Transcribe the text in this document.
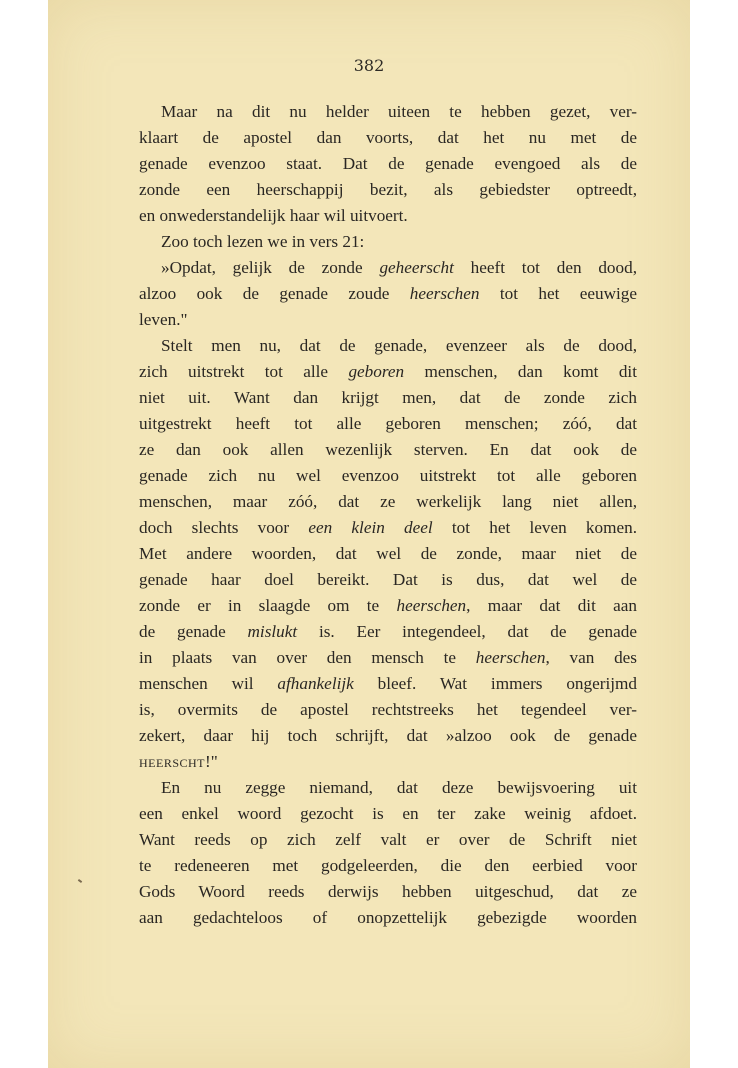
382
Maar na dit nu helder uiteen te hebben gezet, ver-
klaart de apostel dan voorts, dat het nu met de
genade evenzoo staat. Dat de genade evengoed als de
zonde een heerschappij bezit, als gebiedster optreedt,
en onwederstandelijk haar wil uitvoert.
Zoo toch lezen we in vers 21:
»Opdat, gelijk de zonde geheerscht heeft tot den dood,
alzoo ook de genade zoude heerschen tot het eeuwige
leven."
Stelt men nu, dat de genade, evenzeer als de dood,
zich uitstrekt tot alle geboren menschen, dan komt dit
niet uit. Want dan krijgt men, dat de zonde zich
uitgestrekt heeft tot alle geboren menschen; zóó, dat
ze dan ook allen wezenlijk sterven. En dat ook de
genade zich nu wel evenzoo uitstrekt tot alle geboren
menschen, maar zóó, dat ze werkelijk lang niet allen,
doch slechts voor een klein deel tot het leven komen.
Met andere woorden, dat wel de zonde, maar niet de
genade haar doel bereikt. Dat is dus, dat wel de
zonde er in slaagde om te heerschen, maar dat dit aan
de genade mislukt is. Eer integendeel, dat de genade
in plaats van over den mensch te heerschen, van des
menschen wil afhankelijk bleef. Wat immers ongerijmd
is, overmits de apostel rechtstreeks het tegendeel ver-
zekert, daar hij toch schrijft, dat »alzoo ook de genade
heerscht!"
En nu zegge niemand, dat deze bewijsvoering uit
een enkel woord gezocht is en ter zake weinig afdoet.
Want reeds op zich zelf valt er over de Schrift niet
te redeneeren met godgeleerden, die den eerbied voor
Gods Woord reeds derwijs hebben uitgeschud, dat ze
aan gedachteloos of onopzettelijk gebezigde woorden
